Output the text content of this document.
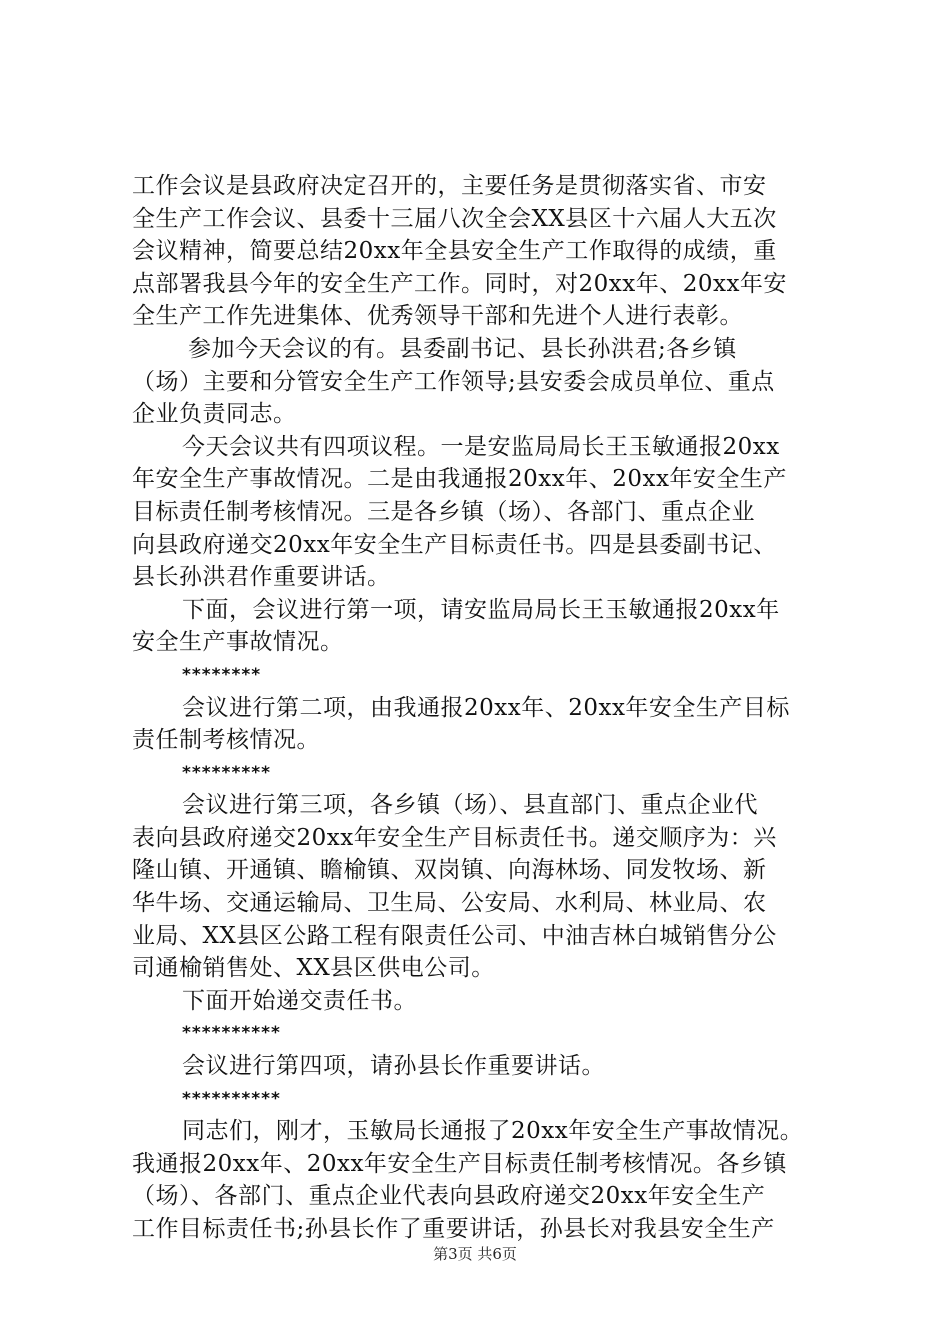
工作会议是县政府决定召开的，主要任务是贯彻落实省、市安
全生产工作会议、县委十三届八次全会XX县区十六届人大五次
会议精神，简要总结20xx年全县安全生产工作取得的成绩，重
点部署我县今年的安全生产工作。同时，对20xx年、20xx年安
全生产工作先进集体、优秀领导干部和先进个人进行表彰。
参加今天会议的有。县委副书记、县长孙洪君;各乡镇
（场）主要和分管安全生产工作领导;县安委会成员单位、重点
企业负责同志。
今天会议共有四项议程。一是安监局局长王玉敏通报20xx
年安全生产事故情况。二是由我通报20xx年、20xx年安全生产
目标责任制考核情况。三是各乡镇（场）、各部门、重点企业
向县政府递交20xx年安全生产目标责任书。四是县委副书记、
县长孙洪君作重要讲话。
下面，会议进行第一项，请安监局局长王玉敏通报20xx年
安全生产事故情况。
********
会议进行第二项，由我通报20xx年、20xx年安全生产目标
责任制考核情况。
*********
会议进行第三项，各乡镇（场）、县直部门、重点企业代
表向县政府递交20xx年安全生产目标责任书。递交顺序为：兴
隆山镇、开通镇、瞻榆镇、双岗镇、向海林场、同发牧场、新
华牛场、交通运输局、卫生局、公安局、水利局、林业局、农
业局、XX县区公路工程有限责任公司、中油吉林白城销售分公
司通榆销售处、XX县区供电公司。
下面开始递交责任书。
**********
会议进行第四项，请孙县长作重要讲话。
**********
同志们，刚才，玉敏局长通报了20xx年安全生产事故情况。
我通报20xx年、20xx年安全生产目标责任制考核情况。各乡镇
（场）、各部门、重点企业代表向县政府递交20xx年安全生产
工作目标责任书;孙县长作了重要讲话，孙县长对我县安全生产
第3页 共6页
